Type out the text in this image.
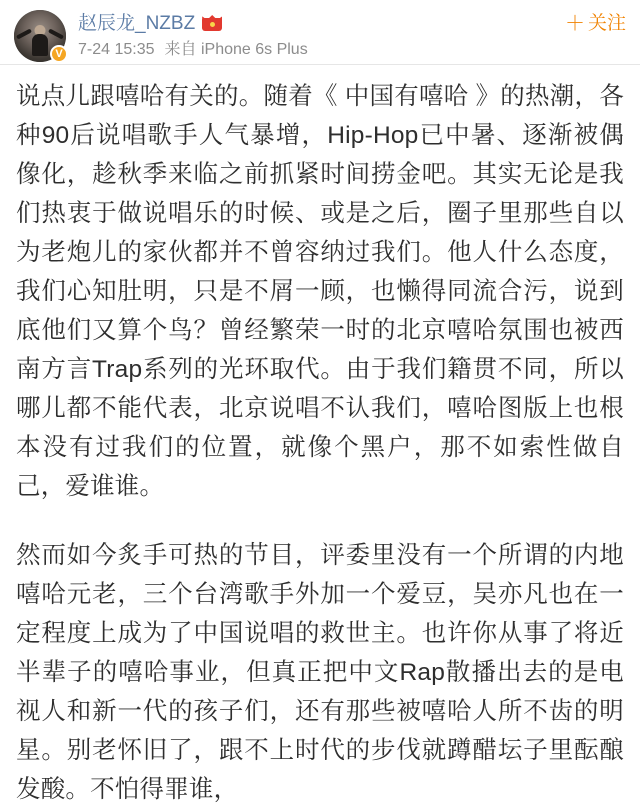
V
赵辰龙_NZBZ
7-24 15:35 来自 iPhone 6s Plus
＋ 关注

说点儿跟嘻哈有关的。随着《 中国有嘻哈 》的热潮，各种90后说唱歌手人气暴增，Hip-Hop已中暑、逐渐被偶像化，趁秋季来临之前抓紧时间捞金吧。其实无论是我们热衷于做说唱乐的时候、或是之后，圈子里那些自以为老炮儿的家伙都并不曾容纳过我们。他人什么态度，我们心知肚明，只是不屑一顾，也懒得同流合污，说到底他们又算个鸟？曾经繁荣一时的北京嘻哈氛围也被西南方言Trap系列的光环取代。由于我们籍贯不同，所以哪儿都不能代表，北京说唱不认我们，嘻哈图版上也根本没有过我们的位置，就像个黑户，那不如索性做自己，爱谁谁。

然而如今炙手可热的节目，评委里没有一个所谓的内地嘻哈元老，三个台湾歌手外加一个爱豆，吴亦凡也在一定程度上成为了中国说唱的救世主。也许你从事了将近半辈子的嘻哈事业，但真正把中文Rap散播出去的是电视人和新一代的孩子们，还有那些被嘻哈人所不齿的明星。别老怀旧了，跟不上时代的步伐就蹲醋坛子里酝酿发酸。不怕得罪谁，
